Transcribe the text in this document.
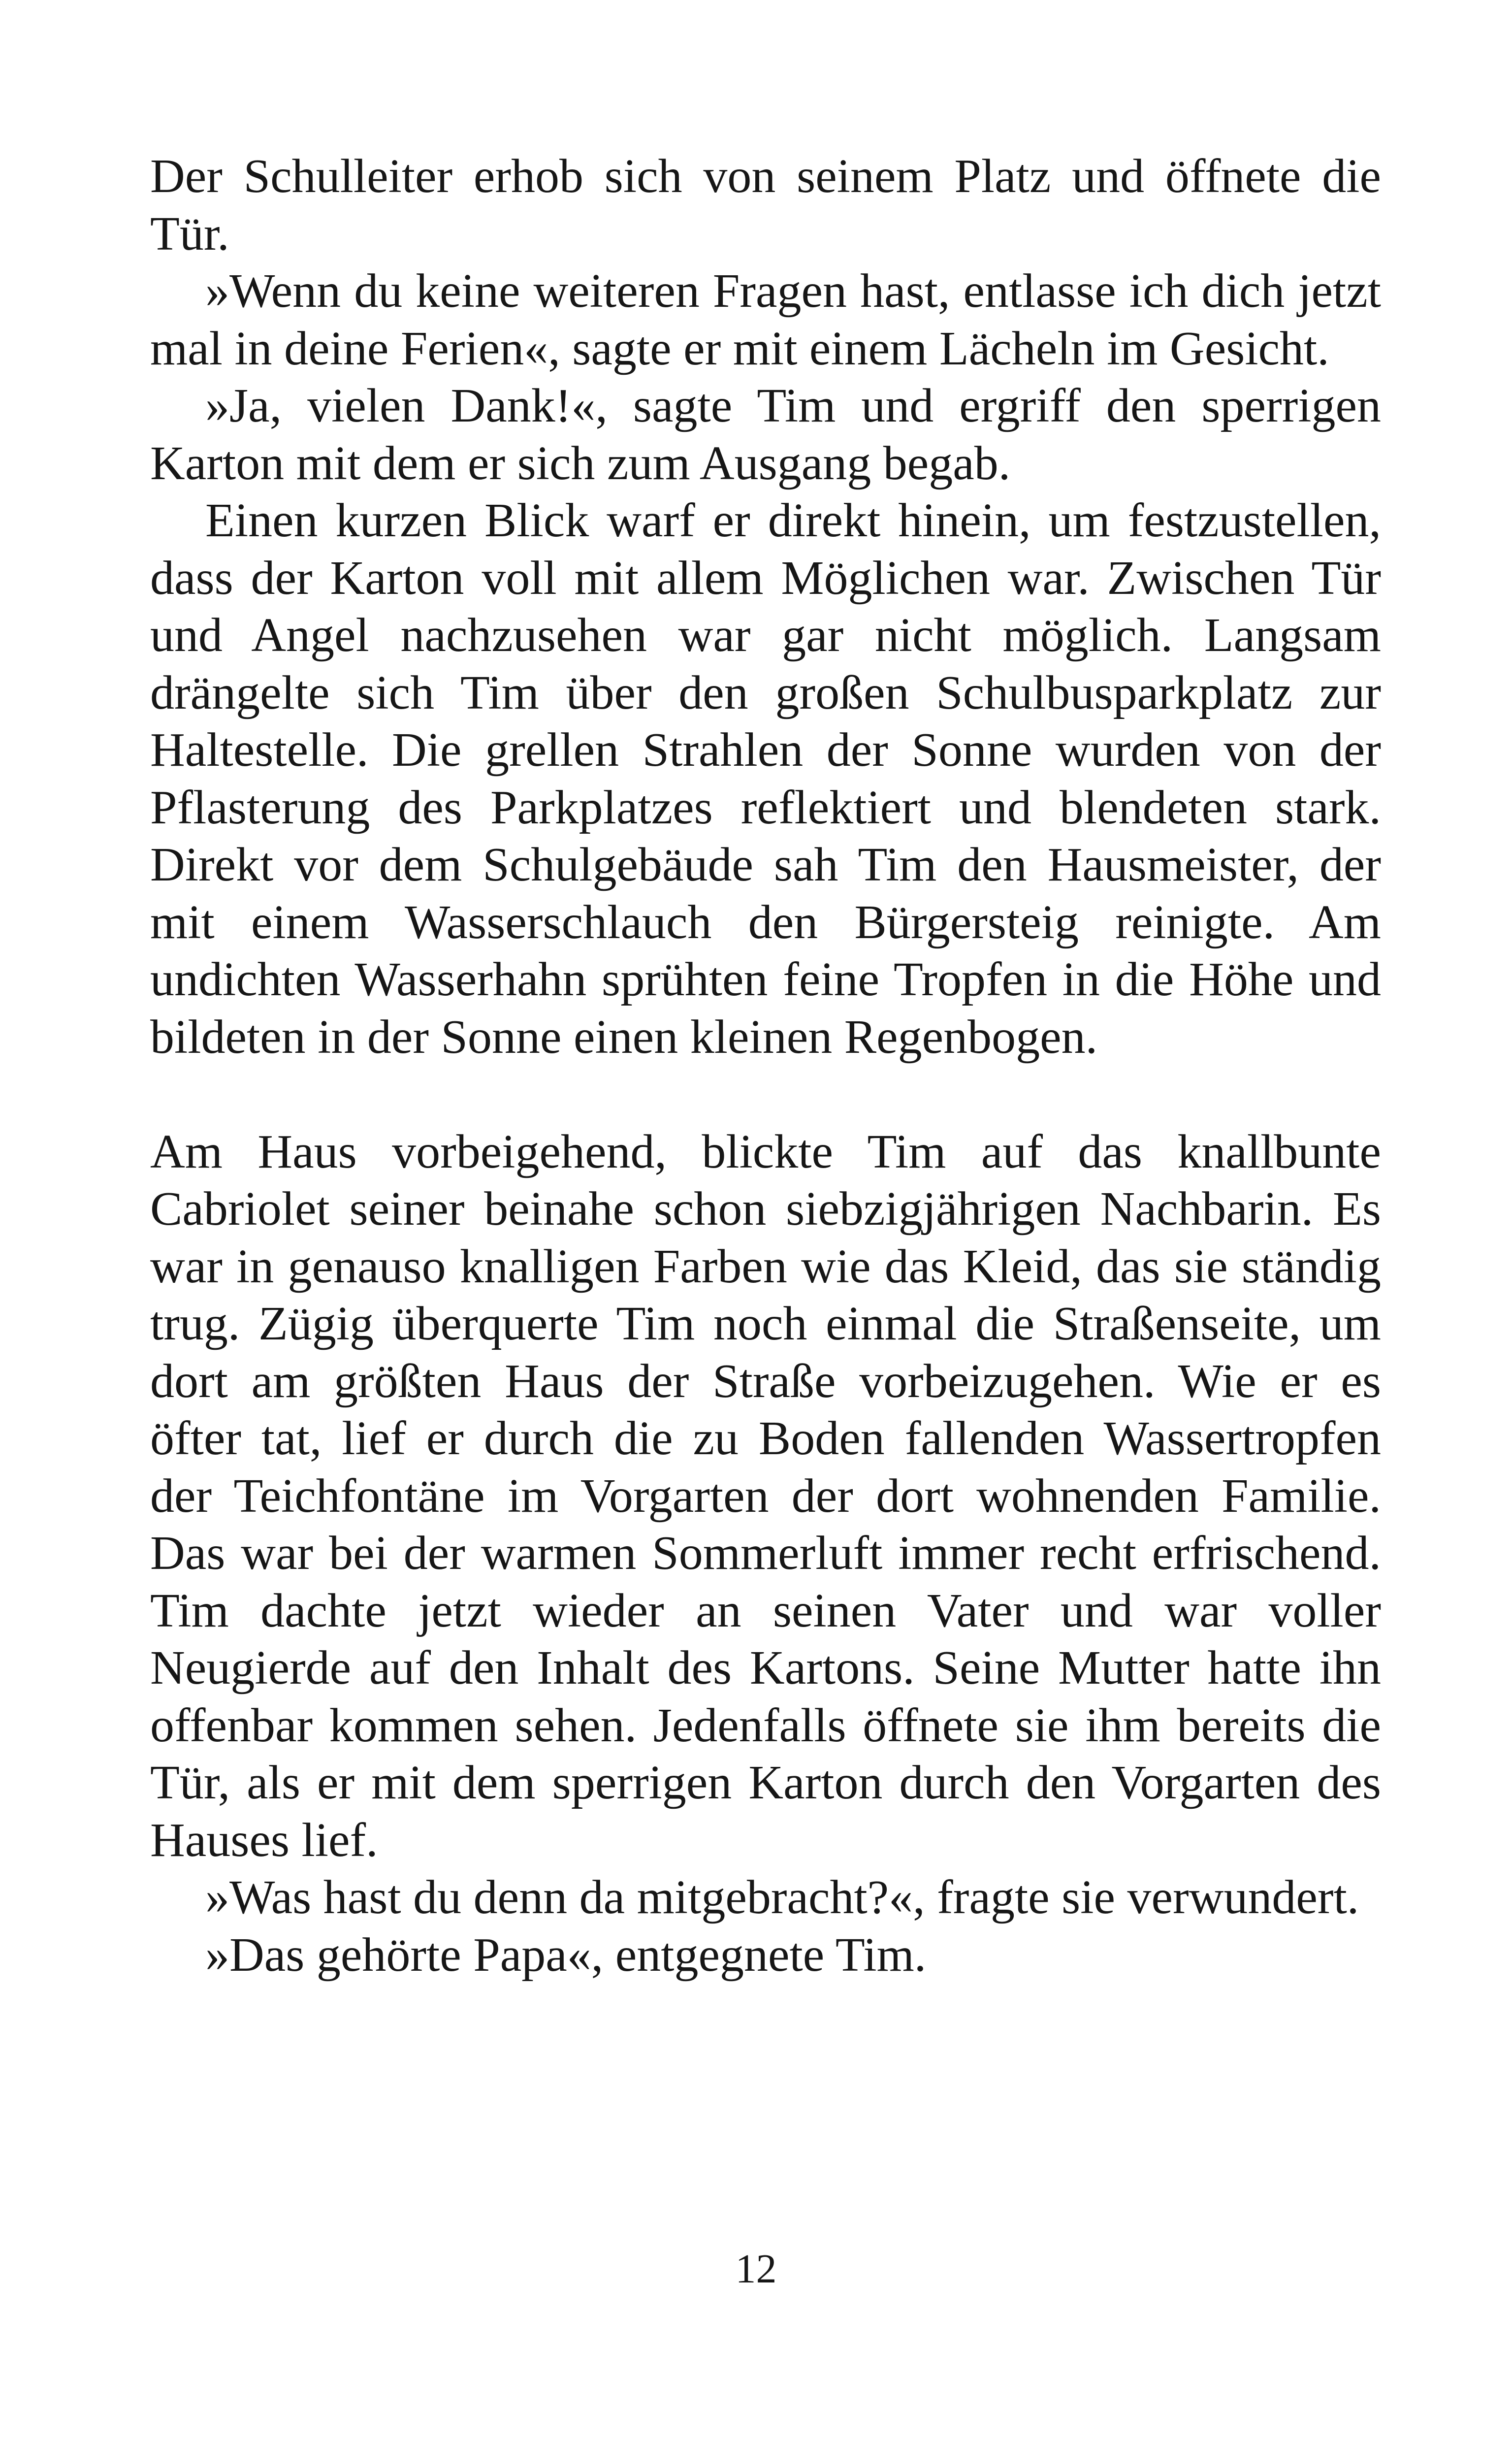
Der Schulleiter erhob sich von seinem Platz und öffnete die Tür.

»Wenn du keine weiteren Fragen hast, entlasse ich dich jetzt mal in deine Ferien«, sagte er mit einem Lächeln im Gesicht.

»Ja, vielen Dank!«, sagte Tim und ergriff den sperrigen Karton mit dem er sich zum Ausgang begab.

Einen kurzen Blick warf er direkt hinein, um festzustellen, dass der Karton voll mit allem Möglichen war. Zwischen Tür und Angel nachzusehen war gar nicht möglich. Langsam drängelte sich Tim über den großen Schulbusparkplatz zur Haltestelle. Die grellen Strahlen der Sonne wurden von der Pflasterung des Parkplatzes reflektiert und blendeten stark. Direkt vor dem Schulgebäude sah Tim den Hausmeister, der mit einem Wasserschlauch den Bürgersteig reinigte. Am undichten Wasserhahn sprühten feine Tropfen in die Höhe und bildeten in der Sonne einen kleinen Regenbogen.

Am Haus vorbeigehend, blickte Tim auf das knallbunte Cabriolet seiner beinahe schon siebzigjährigen Nachbarin. Es war in genauso knalligen Farben wie das Kleid, das sie ständig trug. Zügig überquerte Tim noch einmal die Straßenseite, um dort am größten Haus der Straße vorbeizugehen. Wie er es öfter tat, lief er durch die zu Boden fallenden Wassertropfen der Teichfontäne im Vorgarten der dort wohnenden Familie. Das war bei der warmen Sommerluft immer recht erfrischend. Tim dachte jetzt wieder an seinen Vater und war voller Neugierde auf den Inhalt des Kartons. Seine Mutter hatte ihn offenbar kommen sehen. Jedenfalls öffnete sie ihm bereits die Tür, als er mit dem sperrigen Karton durch den Vorgarten des Hauses lief.

»Was hast du denn da mitgebracht?«, fragte sie verwundert.

»Das gehörte Papa«, entgegnete Tim.

12
